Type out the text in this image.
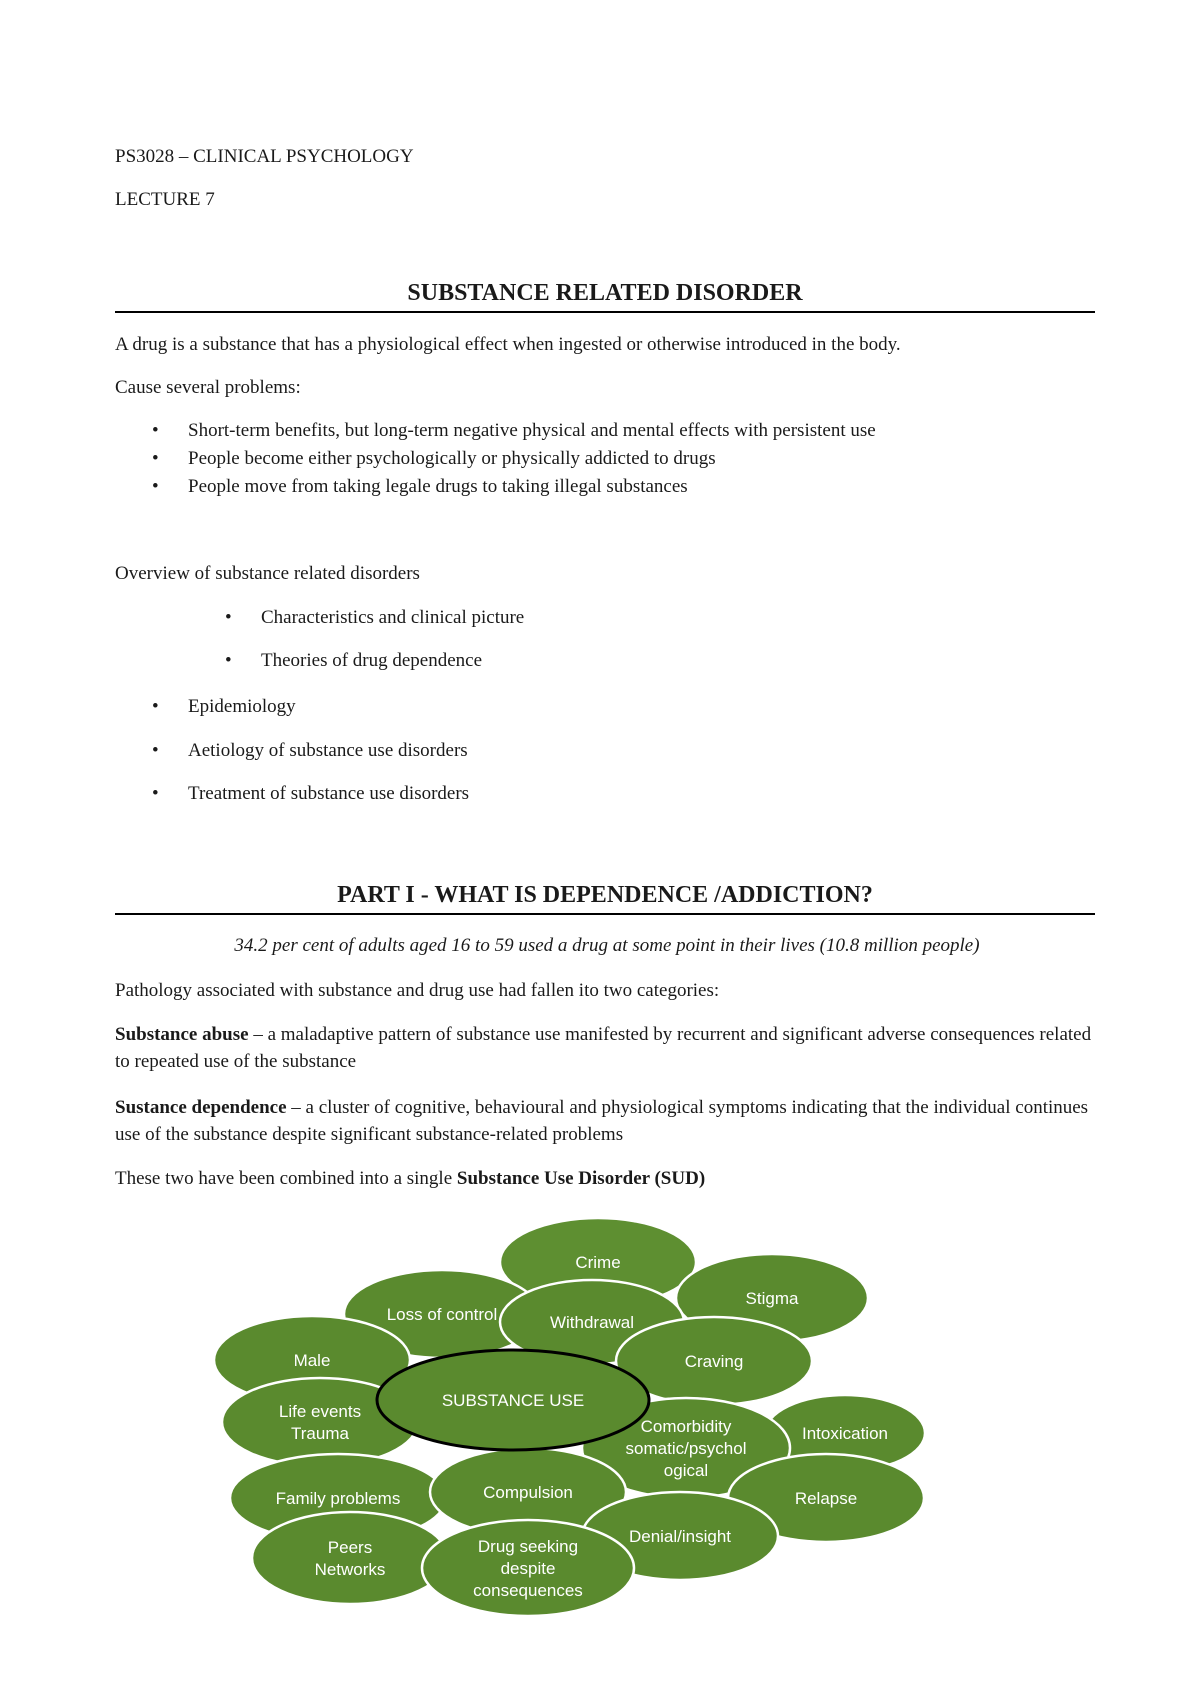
PS3028 – CLINICAL PSYCHOLOGY
LECTURE 7
SUBSTANCE RELATED DISORDER
A drug is a substance that has a physiological effect when ingested or otherwise introduced in the body.
Cause several problems:
• Short-term benefits, but long-term negative physical and mental effects with persistent use
• People become either psychologically or physically addicted to drugs
• People move from taking legale drugs to taking illegal substances
Overview of substance related disorders
• Characteristics and clinical picture
• Theories of drug dependence
• Epidemiology
• Aetiology of substance use disorders
• Treatment of substance use disorders
PART I - WHAT IS DEPENDENCE /ADDICTION?
34.2 per cent of adults aged 16 to 59 used a drug at some point in their lives (10.8 million people)
Pathology associated with substance and drug use had fallen ito two categories:
Substance abuse – a maladaptive pattern of substance use manifested by recurrent and significant adverse consequences related to repeated use of the substance
Sustance dependence – a cluster of cognitive, behavioural and physiological symptoms indicating that the individual continues use of the substance despite significant substance-related problems
These two have been combined into a single Substance Use Disorder (SUD)
Crime
Stigma
Loss of control	Withdrawal
Male	Craving
Life events
Trauma	Intoxication
Comorbidity
somatic/psychol
ogical
Family problems	Compulsion	Relapse
Denial/insight
Peers
Networks
Drug seeking
despite
consequences
SUBSTANCE USE
